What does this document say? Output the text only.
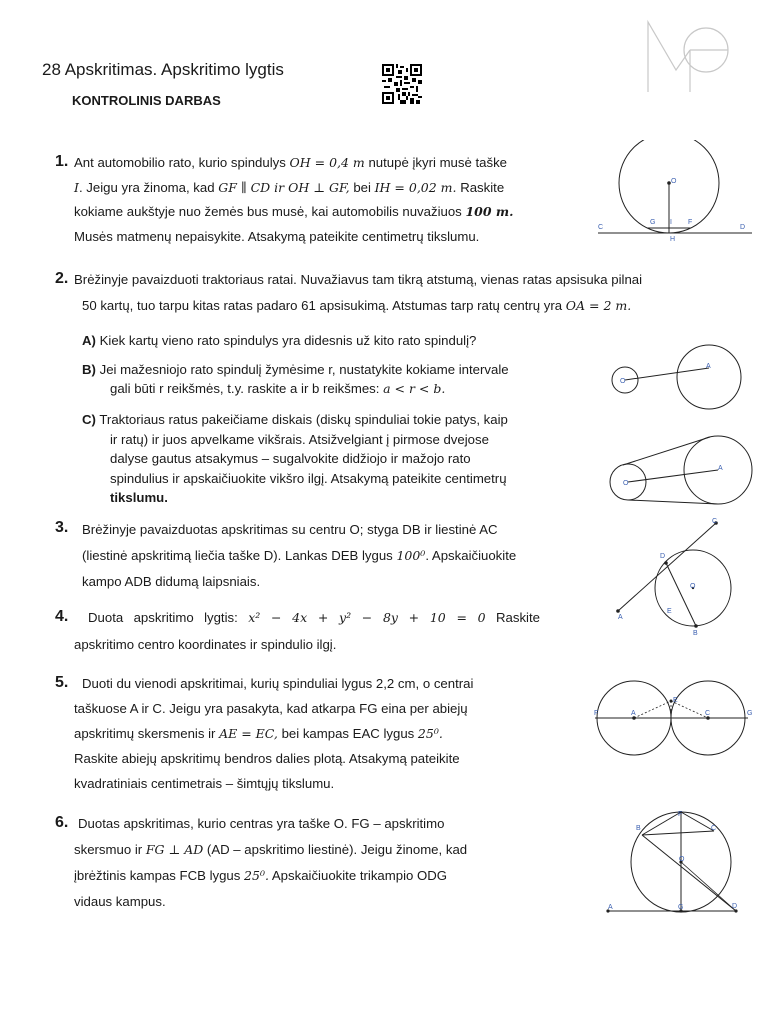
28 Apskritimas. Apskritimo lygtis
KONTROLINIS DARBAS
1. Ant automobilio rato, kurio spindulys OH = 0,4 m nutupė įkyri musė taške
I. Jeigu yra žinoma, kad GF ∥ CD ir OH ⊥ GF, bei IH = 0,02 m. Raskite
kokiame aukštyje nuo žemės bus musė, kai automobilis nuvažiuos 100 m.
Musės matmenų nepaisykite. Atsakymą pateikite centimetrų tikslumu.
O
C
G I F
D
H
2. Brėžinyje pavaizduoti traktoriaus ratai. Nuvažiavus tam tikrą atstumą, vienas ratas apsisuka pilnai
50 kartų, tuo tarpu kitas ratas padaro 61 apsisukimą. Atstumas tarp ratų centrų yra OA = 2 m.
A) Kiek kartų vieno rato spindulys yra didesnis už kito rato spindulį?
B) Jei mažesniojo rato spindulį žymėsime r, nustatykite kokiame intervale
gali būti r reikšmės, t.y. raskite a ir b reikšmes: a < r < b.
C) Traktoriaus ratus pakeičiame diskais (diskų spinduliai tokie patys, kaip
ir ratų) ir juos apvelkame vikšrais. Atsižvelgiant į pirmose dvejose
dalyse gautus atsakymus – sugalvokite didžiojo ir mažojo rato
spindulius ir apskaičiuokite vikšro ilgį. Atsakymą pateikite centimetrų
tikslumu.
O
A
O
A
3. Brėžinyje pavaizduotas apskritimas su centru O; styga DB ir liestinė AC
(liestinė apskritimą liečia taške D). Lankas DEB lygus 100⁰. Apskaičiuokite
kampo ADB didumą laipsniais.
C
D
O
E
A
B
4. Duota apskritimo lygtis: x² − 4x + y² − 8y + 10 = 0 Raskite
apskritimo centro koordinates ir spindulio ilgį.
5.	Duoti du vienodi apskritimai, kurių spinduliai lygus 2,2 cm, o centrai
taškuose A ir C. Jeigu yra pasakyta, kad atkarpa FG eina per abiejų
apskritimų skersmenis ir AE = EC, bei kampas EAC lygus 25⁰.
Raskite abiejų apskritimų bendros dalies plotą. Atsakymą pateikite
kvadratiniais centimetrais – šimtųjų tikslumu.
F	A
E
C	G
6. Duotas apskritimas, kurio centras yra taške O. FG – apskritimo
skersmuo ir FG ⊥ AD (AD – apskritimo liestinė). Jeigu žinome, kad
įbrėžtinis kampas FCB lygus 25⁰. Apskaičiuokite trikampio ODG
vidaus kampus.
F
B	C
O
A	G	D
